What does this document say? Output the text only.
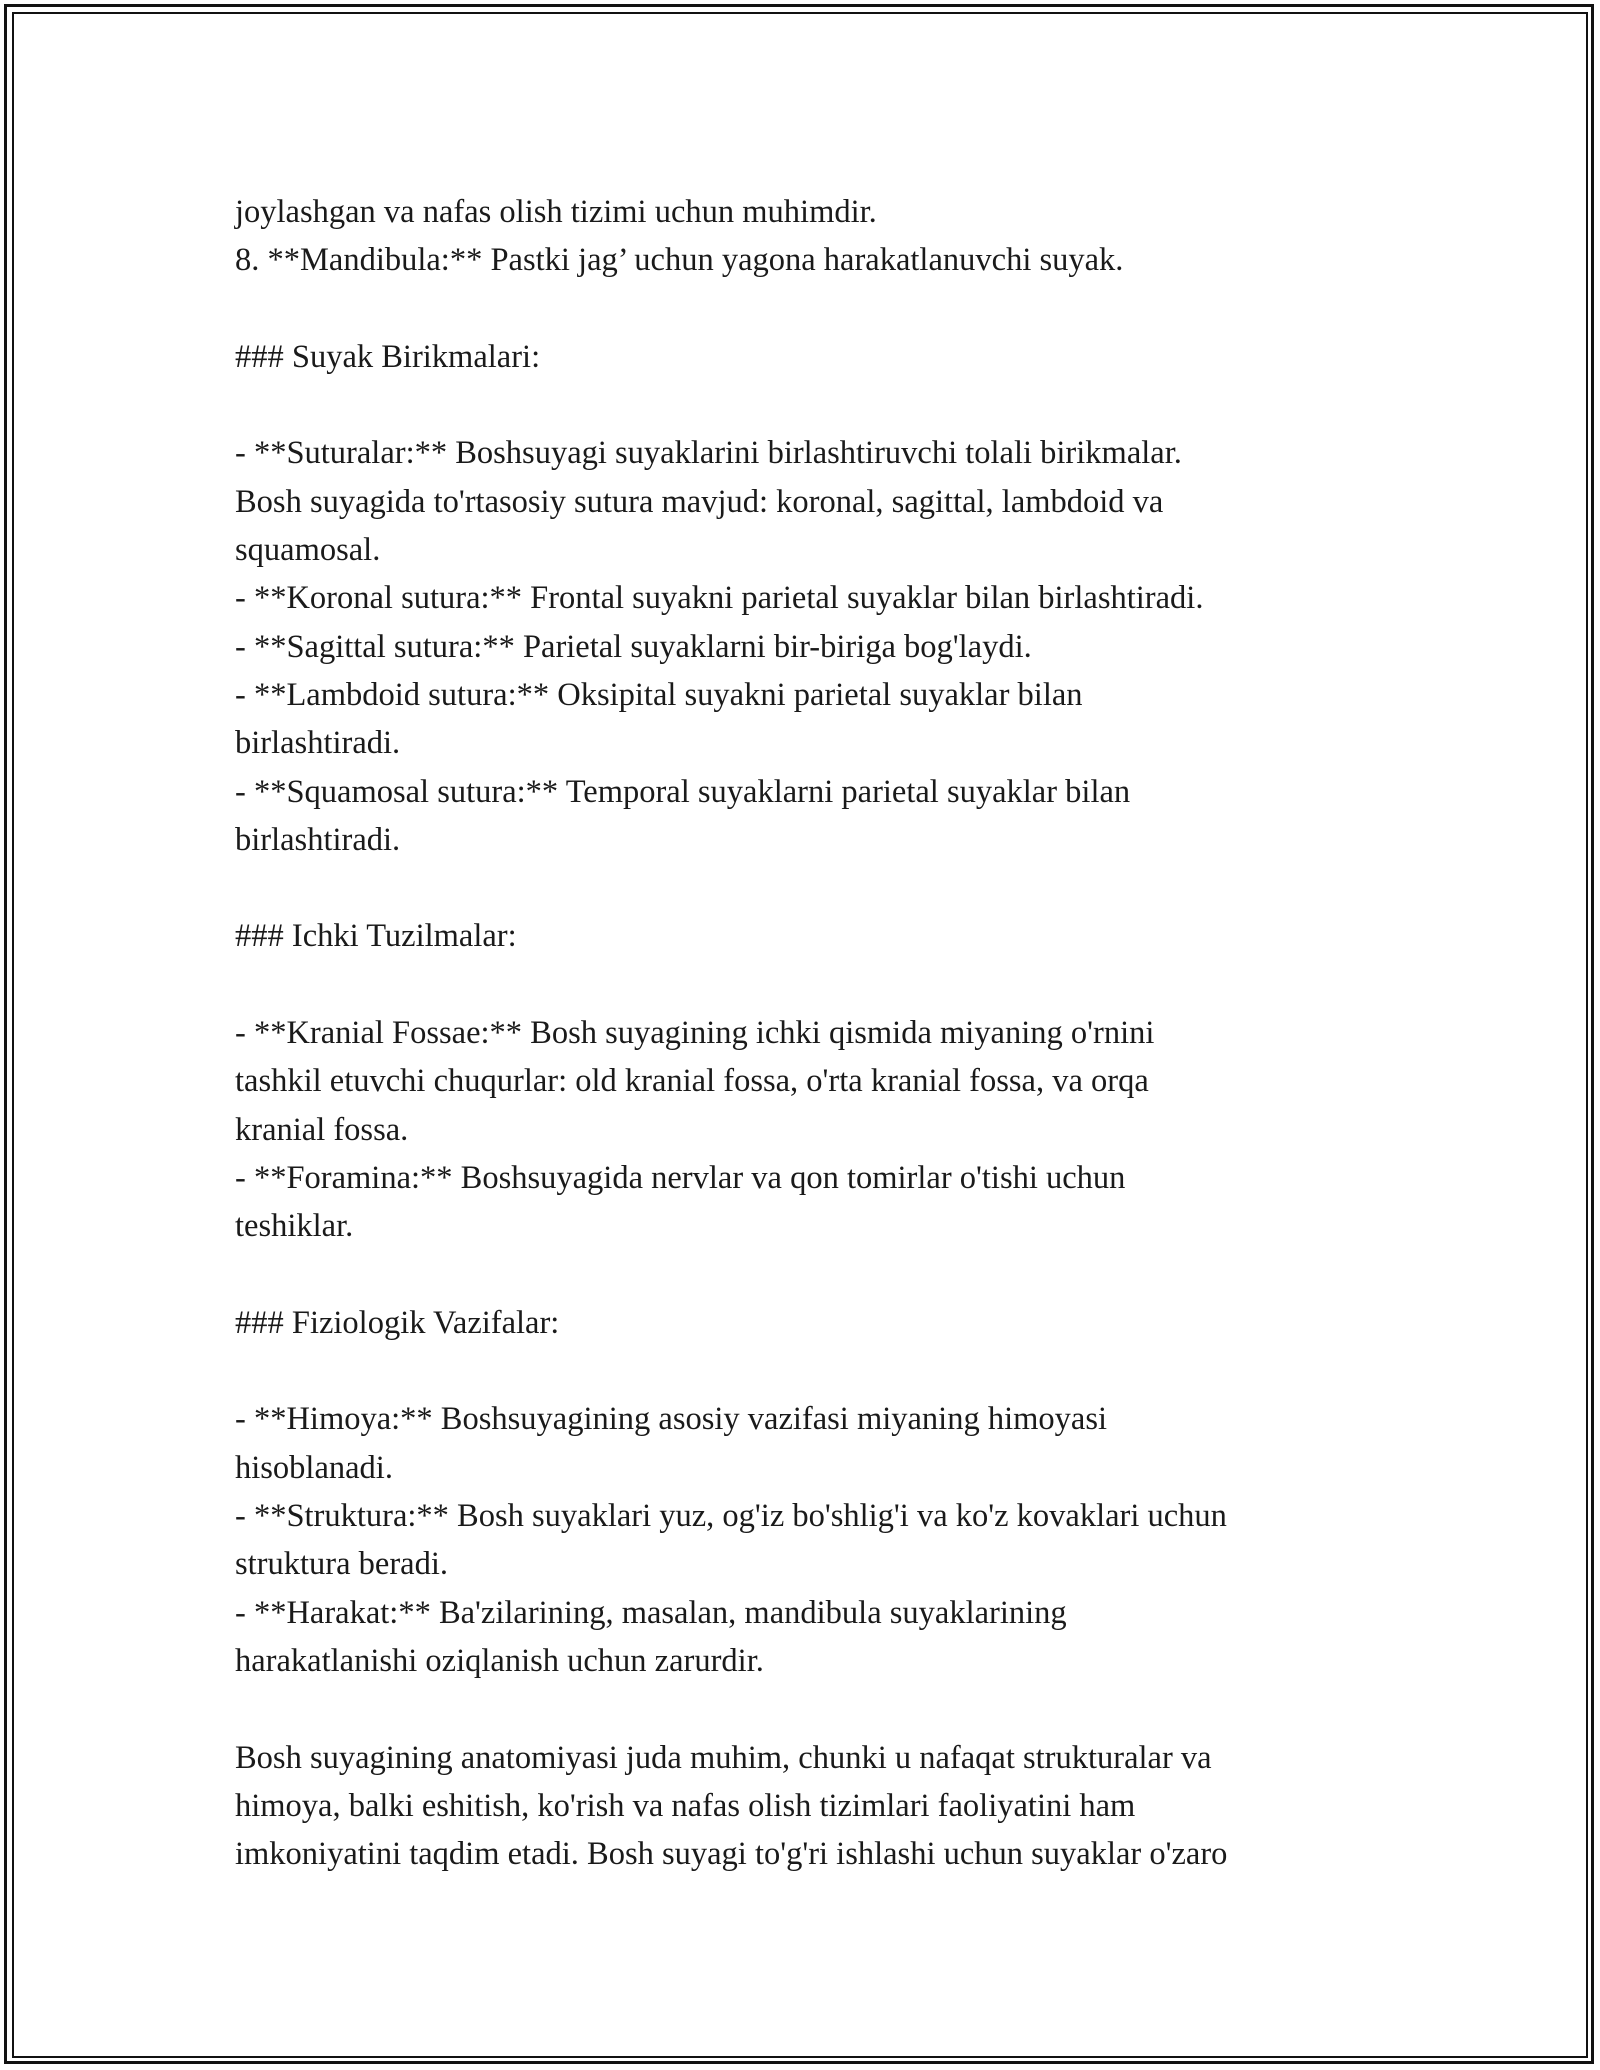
joylashgan va nafas olish tizimi uchun muhimdir.
8. **Mandibula:** Pastki jag’ uchun yagona harakatlanuvchi suyak.
### Suyak Birikmalari:
- **Suturalar:** Boshsuyagi suyaklarini birlashtiruvchi tolali birikmalar.
Bosh suyagida to'rtasosiy sutura mavjud: koronal, sagittal, lambdoid va
squamosal.
- **Koronal sutura:** Frontal suyakni parietal suyaklar bilan birlashtiradi.
- **Sagittal sutura:** Parietal suyaklarni bir-biriga bog'laydi.
- **Lambdoid sutura:** Oksipital suyakni parietal suyaklar bilan
birlashtiradi.
- **Squamosal sutura:** Temporal suyaklarni parietal suyaklar bilan
birlashtiradi.
### Ichki Tuzilmalar:
- **Kranial Fossae:** Bosh suyagining ichki qismida miyaning o'rnini
tashkil etuvchi chuqurlar: old kranial fossa, o'rta kranial fossa, va orqa
kranial fossa.
- **Foramina:** Boshsuyagida nervlar va qon tomirlar o'tishi uchun
teshiklar.
### Fiziologik Vazifalar:
- **Himoya:** Boshsuyagining asosiy vazifasi miyaning himoyasi
hisoblanadi.
- **Struktura:** Bosh suyaklari yuz, og'iz bo'shlig'i va ko'z kovaklari uchun
struktura beradi.
- **Harakat:** Ba'zilarining, masalan, mandibula suyaklarining
harakatlanishi oziqlanish uchun zarurdir.
Bosh suyagining anatomiyasi juda muhim, chunki u nafaqat strukturalar va
himoya, balki eshitish, ko'rish va nafas olish tizimlari faoliyatini ham
imkoniyatini taqdim etadi. Bosh suyagi to'g'ri ishlashi uchun suyaklar o'zaro
